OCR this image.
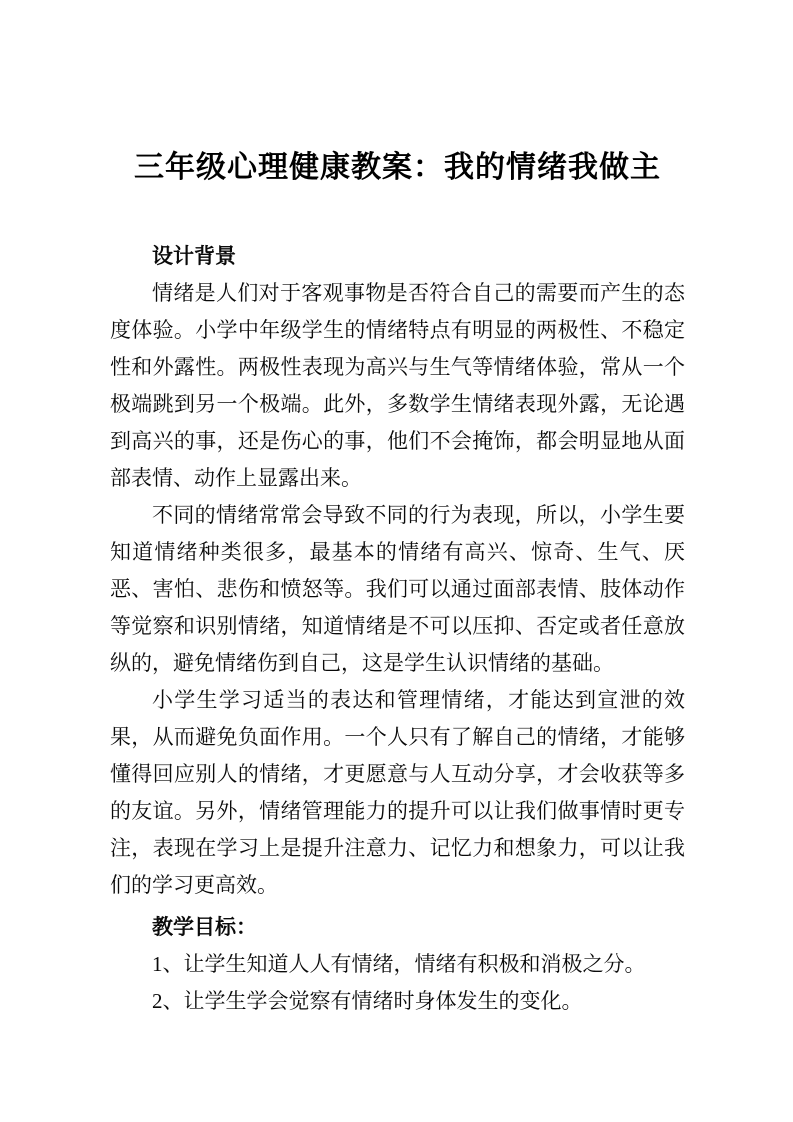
三年级心理健康教案：我的情绪我做主

设计背景

情绪是人们对于客观事物是否符合自己的需要而产生的态度体验。小学中年级学生的情绪特点有明显的两极性、不稳定性和外露性。两极性表现为高兴与生气等情绪体验，常从一个极端跳到另一个极端。此外，多数学生情绪表现外露，无论遇到高兴的事，还是伤心的事，他们不会掩饰，都会明显地从面部表情、动作上显露出来。

不同的情绪常常会导致不同的行为表现，所以，小学生要知道情绪种类很多，最基本的情绪有高兴、惊奇、生气、厌恶、害怕、悲伤和愤怒等。我们可以通过面部表情、肢体动作等觉察和识别情绪，知道情绪是不可以压抑、否定或者任意放纵的，避免情绪伤到自己，这是学生认识情绪的基础。

小学生学习适当的表达和管理情绪，才能达到宣泄的效果，从而避免负面作用。一个人只有了解自己的情绪，才能够懂得回应别人的情绪，才更愿意与人互动分享，才会收获等多的友谊。另外，情绪管理能力的提升可以让我们做事情时更专注，表现在学习上是提升注意力、记忆力和想象力，可以让我们的学习更高效。

教学目标：

1、让学生知道人人有情绪，情绪有积极和消极之分。

2、让学生学会觉察有情绪时身体发生的变化。
